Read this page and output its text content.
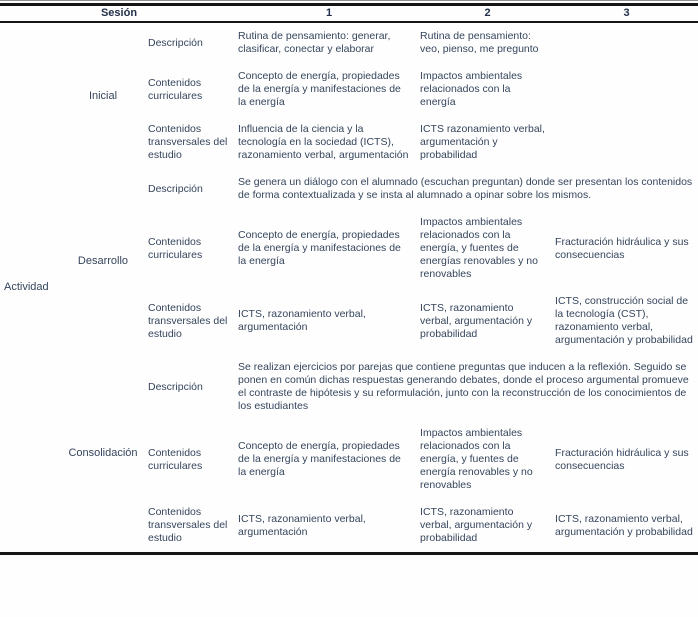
Sesión			1	2	3
Actividad	Inicial	Descripción	Rutina de pensamiento: generar, clasificar, conectar y elaborar	Rutina de pensamiento: veo, pienso, me pregunto	
		Contenidos curriculares	Concepto de energía, propiedades de la energía y manifestaciones de la energía	Impactos ambientales relacionados con la energía	
		Contenidos transversales del estudio	Influencia de la ciencia y la tecnología en la sociedad (ICTS), razonamiento verbal, argumentación	ICTS razonamiento verbal, argumentación y probabilidad	
	Desarrollo	Descripción	Se genera un diálogo con el alumnado (escuchan preguntan) donde ser presentan los contenidos de forma contextualizada y se insta al alumnado a opinar sobre los mismos.		
		Contenidos curriculares	Concepto de energía, propiedades de la energía y manifestaciones de la energía	Impactos ambientales relacionados con la energía, y fuentes de energías renovables y no renovables	Fracturación hidráulica y sus consecuencias
		Contenidos transversales del estudio	ICTS, razonamiento verbal, argumentación	ICTS, razonamiento verbal, argumentación y probabilidad	ICTS, construcción social de la tecnología (CST), razonamiento verbal, argumentación y probabilidad
	Consolidación	Descripción	Se realizan ejercicios por parejas que contiene preguntas que inducen a la reflexión. Seguido se ponen en común dichas respuestas generando debates, donde el proceso argumental promueve el contraste de hipótesis y su reformulación, junto con la reconstrucción de los conocimientos de los estudiantes		
		Contenidos curriculares	Concepto de energía, propiedades de la energía y manifestaciones de la energía	Impactos ambientales relacionados con la energía, y fuentes de energía renovables y no renovables	Fracturación hidráulica y sus consecuencias
		Contenidos transversales del estudio	ICTS, razonamiento verbal, argumentación	ICTS, razonamiento verbal, argumentación y probabilidad	ICTS, razonamiento verbal, argumentación y probabilidad
